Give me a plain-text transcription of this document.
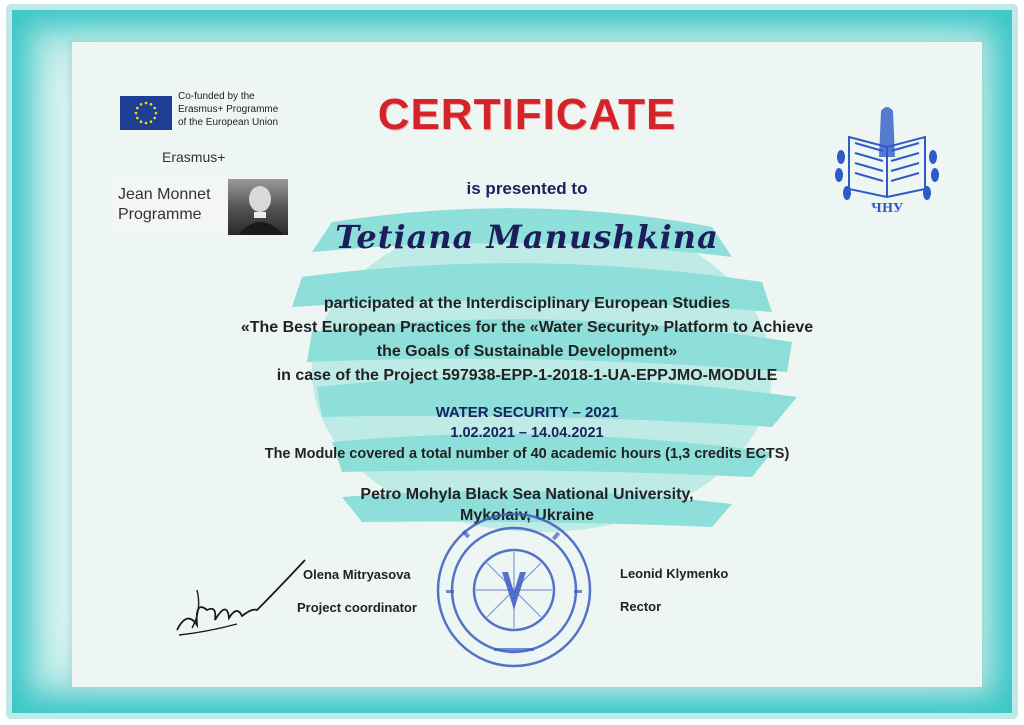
Co-funded by the
Erasmus+ Programme
of the European Union
Erasmus+
Jean Monnet
Programme
CERTIFICATE
is presented to
Tetiana Manushkina
participated at the Interdisciplinary European Studies
«The Best European Practices for the «Water Security» Platform to Achieve
the Goals of Sustainable Development»
in case of the Project 597938-EPP-1-2018-1-UA-EPPJMO-MODULE
WATER SECURITY – 2021
1.02.2021 – 14.04.2021
The Module covered a total number of 40 academic hours (1,3 credits ECTS)
Petro Mohyla Black Sea National University,
Mykolaiv, Ukraine
Olena Mitryasova
Project coordinator
Leonid Klymenko
Rector
ЧНУ
